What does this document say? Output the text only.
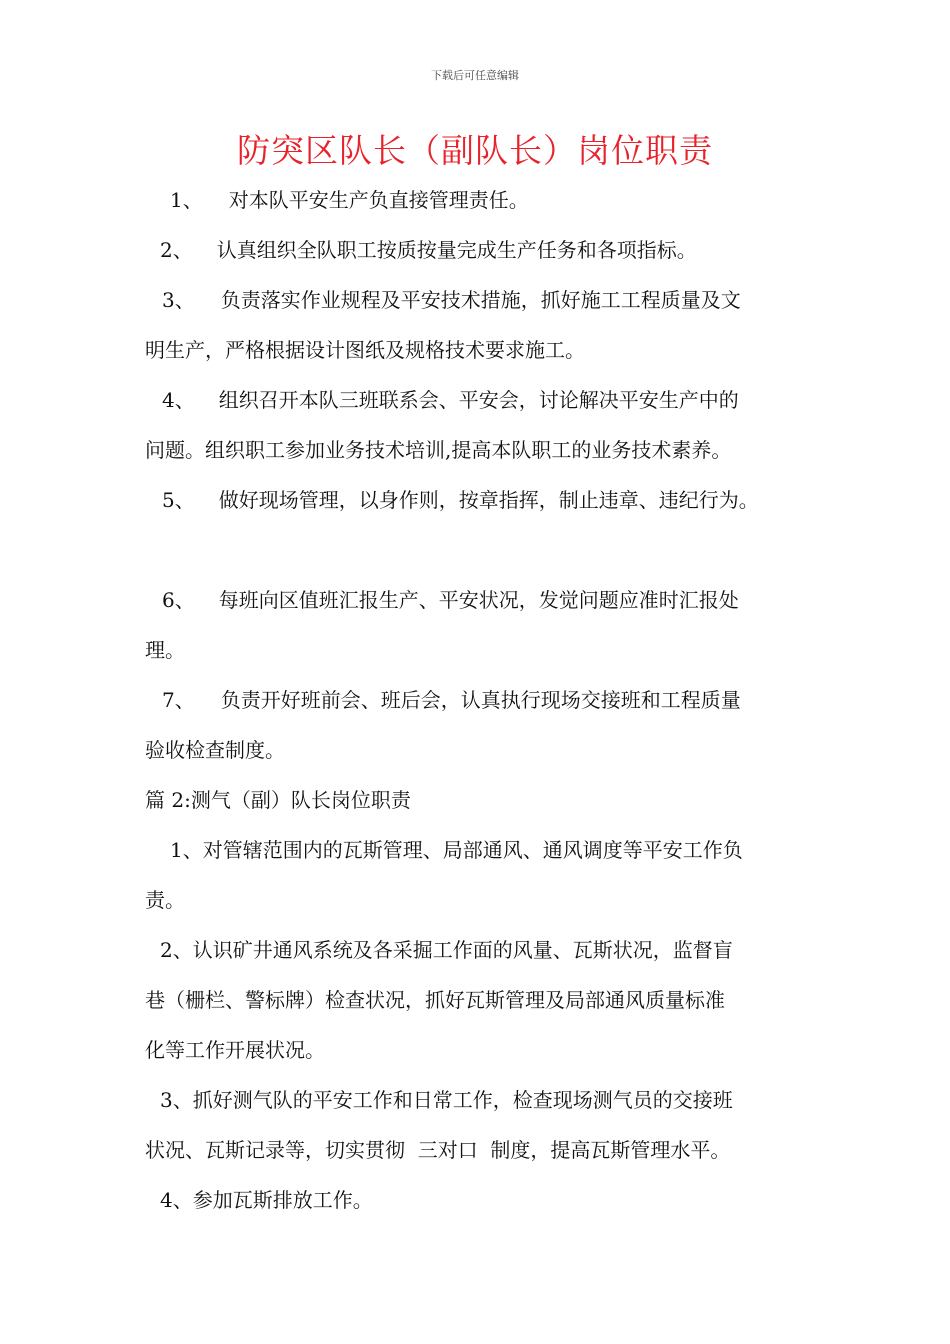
下载后可任意编辑
防突区队长（副队长）岗位职责
1、 对本队平安生产负直接管理责任。
2、 认真组织全队职工按质按量完成生产任务和各项指标。
3、 负责落实作业规程及平安技术措施，抓好施工工程质量及文
明生产，严格根据设计图纸及规格技术要求施工。
4、 组织召开本队三班联系会、平安会，讨论解决平安生产中的
问题。组织职工参加业务技术培训,提高本队职工的业务技术素养。
5、 做好现场管理，以身作则，按章指挥，制止违章、违纪行为。
6、 每班向区值班汇报生产、平安状况，发觉问题应准时汇报处
理。
7、 负责开好班前会、班后会，认真执行现场交接班和工程质量
验收检查制度。
篇 2:测气（副）队长岗位职责
1、对管辖范围内的瓦斯管理、局部通风、通风调度等平安工作负
责。
2、认识矿井通风系统及各采掘工作面的风量、瓦斯状况，监督盲
巷（栅栏、警标牌）检查状况，抓好瓦斯管理及局部通风质量标准
化等工作开展状况。
3、抓好测气队的平安工作和日常工作，检查现场测气员的交接班
状况、瓦斯记录等，切实贯彻  三对口  制度，提高瓦斯管理水平。
4、参加瓦斯排放工作。
